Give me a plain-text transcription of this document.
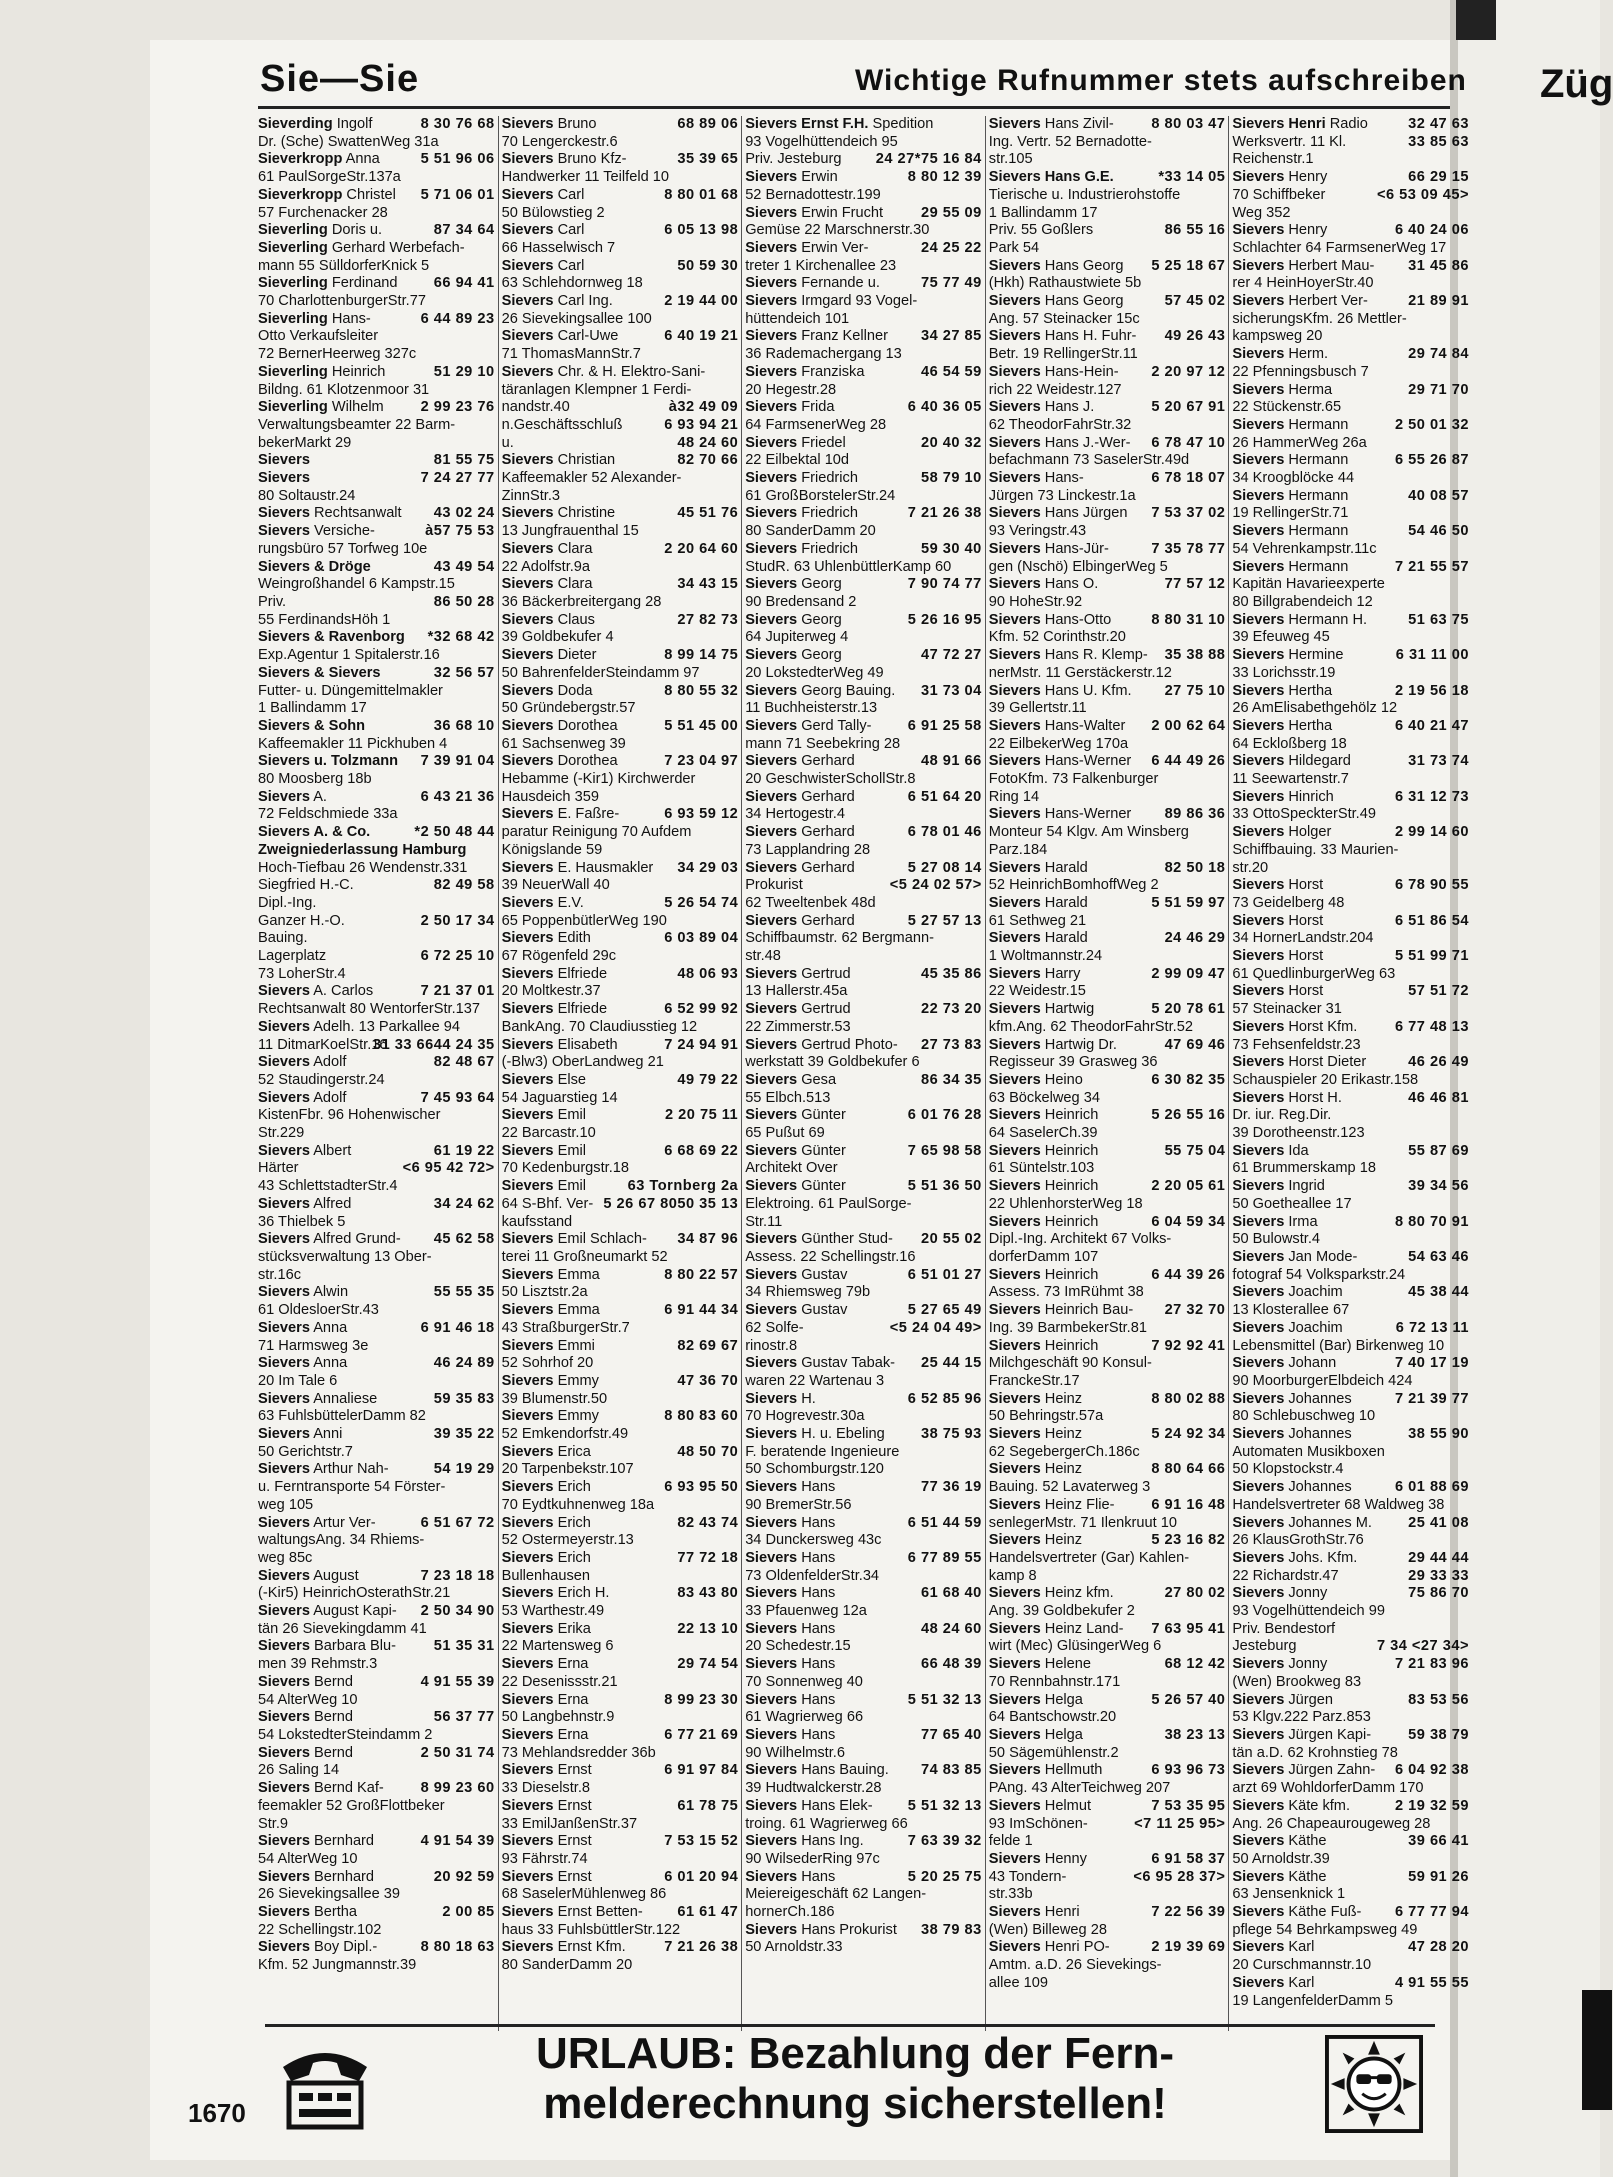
Züg
Sie—Sie	Wichtige Rufnummer stets aufschreiben
8 30 76 68
Sieverding Ingolf
Dr. (Sche) SwattenWeg 31a
5 51 96 06
Sieverkropp Anna
61 PaulSorgeStr.137a
5 71 06 01
Sieverkropp Christel
57 Furchenacker 28
87 34 64
Sieverling Doris u.
Sieverling Gerhard Werbefach-
mann 55 SülldorferKnick 5
66 94 41
Sieverling Ferdinand
70 CharlottenburgerStr.77
6 44 89 23
Sieverling Hans-
Otto Verkaufsleiter
72 BernerHeerweg 327c
51 29 10
Sieverling Heinrich
Bildng. 61 Klotzenmoor 31
2 99 23 76
Sieverling Wilhelm
Verwaltungsbeamter 22 Barm-
bekerMarkt 29
81 55 75
Sievers
7 24 27 77
Sievers
80 Soltaustr.24
43 02 24
Sievers Rechtsanwalt
à57 75 53
Sievers Versiche-
rungsbüro 57 Torfweg 10e
43 49 54
Sievers & Dröge
Weingroßhandel 6 Kampstr.15
86 50 28
Priv.
55 FerdinandsHöh 1
*32 68 42
Sievers & Ravenborg
Exp.Agentur 1 Spitalerstr.16
32 56 57
Sievers & Sievers
Futter- u. Düngemittelmakler
1 Ballindamm 17
36 68 10
Sievers & Sohn
Kaffeemakler 11 Pickhuben 4
7 39 91 04
Sievers u. Tolzmann
80 Moosberg 18b
6 43 21 36
Sievers A.
72 Feldschmiede 33a
*2 50 48 44
Sievers A. & Co.
Zweigniederlassung Hamburg
Hoch-Tiefbau 26 Wendenstr.331
82 49 58
Siegfried H.-C.
Dipl.-Ing.
2 50 17 34
Ganzer H.-O.
Bauing.
6 72 25 10
Lagerplatz
73 LoherStr.4
7 21 37 01
Sievers A. Carlos
Rechtsanwalt 80 WentorferStr.137
Sievers Adelh. 13 Parkallee 94
44 24 35
31 33 66
11 DitmarKoelStr.16
82 48 67
Sievers Adolf
52 Staudingerstr.24
7 45 93 64
Sievers Adolf
KistenFbr. 96 Hohenwischer
Str.229
61 19 22
Sievers Albert
<6 95 42 72>
Härter
43 SchlettstadterStr.4
34 24 62
Sievers Alfred
36 Thielbek 5
45 62 58
Sievers Alfred Grund-
stücksverwaltung 13 Ober-
str.16c
55 55 35
Sievers Alwin
61 OldesloerStr.43
6 91 46 18
Sievers Anna
71 Harmsweg 3e
46 24 89
Sievers Anna
20 Im Tale 6
59 35 83
Sievers Annaliese
63 FuhlsbüttelerDamm 82
39 35 22
Sievers Anni
50 Gerichtstr.7
54 19 29
Sievers Arthur Nah-
u. Ferntransporte 54 Förster-
weg 105
6 51 67 72
Sievers Artur Ver-
waltungsAng. 34 Rhiems-
weg 85c
7 23 18 18
Sievers August
(-Kir5) HeinrichOsterathStr.21
2 50 34 90
Sievers August Kapi-
tän 26 Sievekingdamm 41
51 35 31
Sievers Barbara Blu-
men 39 Rehmstr.3
4 91 55 39
Sievers Bernd
54 AlterWeg 10
56 37 77
Sievers Bernd
54 LokstedterSteindamm 2
2 50 31 74
Sievers Bernd
26 Saling 14
8 99 23 60
Sievers Bernd Kaf-
feemakler 52 GroßFlottbeker
Str.9
4 91 54 39
Sievers Bernhard
54 AlterWeg 10
20 92 59
Sievers Bernhard
26 Sievekingsallee 39
2 00 85
Sievers Bertha
22 Schellingstr.102
8 80 18 63
Sievers Boy Dipl.-
Kfm. 52 Jungmannstr.39
68 89 06
Sievers Bruno
70 Lengerckestr.6
35 39 65
Sievers Bruno Kfz-
Handwerker 11 Teilfeld 10
8 80 01 68
Sievers Carl
50 Bülowstieg 2
6 05 13 98
Sievers Carl
66 Hasselwisch 7
50 59 30
Sievers Carl
63 Schlehdornweg 18
2 19 44 00
Sievers Carl Ing.
26 Sievekingsallee 100
6 40 19 21
Sievers Carl-Uwe
71 ThomasMannStr.7
Sievers Chr. & H. Elektro-Sani-
täranlagen Klempner 1 Ferdi-
à32 49 09
nandstr.40
6 93 94 21
n.Geschäftsschluß
48 24 60
u.
82 70 66
Sievers Christian
Kaffeemakler 52 Alexander-
ZinnStr.3
45 51 76
Sievers Christine
13 Jungfrauenthal 15
2 20 64 60
Sievers Clara
22 Adolfstr.9a
34 43 15
Sievers Clara
36 Bäckerbreitergang 28
27 82 73
Sievers Claus
39 Goldbekufer 4
8 99 14 75
Sievers Dieter
50 BahrenfelderSteindamm 97
8 80 55 32
Sievers Doda
50 Gründebergstr.57
5 51 45 00
Sievers Dorothea
61 Sachsenweg 39
7 23 04 97
Sievers Dorothea
Hebamme (-Kir1) Kirchwerder
Hausdeich 359
6 93 59 12
Sievers E. Faßre-
paratur Reinigung 70 Aufdem
Königslande 59
34 29 03
Sievers E. Hausmakler
39 NeuerWall 40
5 26 54 74
Sievers E.V.
65 PoppenbütlerWeg 190
6 03 89 04
Sievers Edith
67 Rögenfeld 29c
48 06 93
Sievers Elfriede
20 Moltkestr.37
6 52 99 92
Sievers Elfriede
BankAng. 70 Claudiusstieg 12
7 24 94 91
Sievers Elisabeth
(-Blw3) OberLandweg 21
49 79 22
Sievers Else
54 Jaguarstieg 14
2 20 75 11
Sievers Emil
22 Barcastr.10
6 68 69 22
Sievers Emil
70 Kedenburgstr.18
63 Tornberg 2a
Sievers Emil
50 35 13
5 26 67 80
64 S-Bhf. Ver-
kaufsstand
34 87 96
Sievers Emil Schlach-
terei 11 Großneumarkt 52
8 80 22 57
Sievers Emma
50 Lisztstr.2a
6 91 44 34
Sievers Emma
43 StraßburgerStr.7
82 69 67
Sievers Emmi
52 Sohrhof 20
47 36 70
Sievers Emmy
39 Blumenstr.50
8 80 83 60
Sievers Emmy
52 Emkendorfstr.49
48 50 70
Sievers Erica
20 Tarpenbekstr.107
6 93 95 50
Sievers Erich
70 Eydtkuhnenweg 18a
82 43 74
Sievers Erich
52 Ostermeyerstr.13
77 72 18
Sievers Erich
Bullenhausen
83 43 80
Sievers Erich H.
53 Warthestr.49
22 13 10
Sievers Erika
22 Martensweg 6
29 74 54
Sievers Erna
22 Desenissstr.21
8 99 23 30
Sievers Erna
50 Langbehnstr.9
6 77 21 69
Sievers Erna
73 Mehlandsredder 36b
6 91 97 84
Sievers Ernst
33 Dieselstr.8
61 78 75
Sievers Ernst
33 EmilJanßenStr.37
7 53 15 52
Sievers Ernst
93 Fährstr.74
6 01 20 94
Sievers Ernst
68 SaselerMühlenweg 86
61 61 47
Sievers Ernst Betten-
haus 33 FuhlsbüttlerStr.122
7 21 26 38
Sievers Ernst Kfm.
80 SanderDamm 20
Sievers Ernst F.H. Spedition
93 Vogelhüttendeich 95
*75 16 84
24 27
Priv. Jesteburg
8 80 12 39
Sievers Erwin
52 Bernadottestr.199
29 55 09
Sievers Erwin Frucht
Gemüse 22 Marschnerstr.30
24 25 22
Sievers Erwin Ver-
treter 1 Kirchenallee 23
75 77 49
Sievers Fernande u.
Sievers Irmgard 93 Vogel-
hüttendeich 101
34 27 85
Sievers Franz Kellner
36 Rademachergang 13
46 54 59
Sievers Franziska
20 Hegestr.28
6 40 36 05
Sievers Frida
64 FarmsenerWeg 28
20 40 32
Sievers Friedel
22 Eilbektal 10d
58 79 10
Sievers Friedrich
61 GroßBorstelerStr.24
7 21 26 38
Sievers Friedrich
80 SanderDamm 20
59 30 40
Sievers Friedrich
StudR. 63 UhlenbüttlerKamp 60
7 90 74 77
Sievers Georg
90 Bredensand 2
5 26 16 95
Sievers Georg
64 Jupiterweg 4
47 72 27
Sievers Georg
20 LokstedterWeg 49
31 73 04
Sievers Georg Bauing.
11 Buchheisterstr.13
6 91 25 58
Sievers Gerd Tally-
mann 71 Seebekring 28
48 91 66
Sievers Gerhard
20 GeschwisterSchollStr.8
6 51 64 20
Sievers Gerhard
34 Hertogestr.4
6 78 01 46
Sievers Gerhard
73 Lapplandring 28
5 27 08 14
Sievers Gerhard
<5 24 02 57>
Prokurist
62 Tweeltenbek 48d
5 27 57 13
Sievers Gerhard
Schiffbaumstr. 62 Bergmann-
str.48
45 35 86
Sievers Gertrud
13 Hallerstr.45a
22 73 20
Sievers Gertrud
22 Zimmerstr.53
27 73 83
Sievers Gertrud Photo-
werkstatt 39 Goldbekufer 6
86 34 35
Sievers Gesa
55 Elbch.513
6 01 76 28
Sievers Günter
65 Pußut 69
7 65 98 58
Sievers Günter
Architekt Over
5 51 36 50
Sievers Günter
Elektroing. 61 PaulSorge-
Str.11
20 55 02
Sievers Günther Stud-
Assess. 22 Schellingstr.16
6 51 01 27
Sievers Gustav
34 Rhiemsweg 79b
5 27 65 49
Sievers Gustav
<5 24 04 49>
62 Solfe-
rinostr.8
25 44 15
Sievers Gustav Tabak-
waren 22 Wartenau 3
6 52 85 96
Sievers H.
70 Hogrevestr.30a
38 75 93
Sievers H. u. Ebeling
F. beratende Ingenieure
50 Schomburgstr.120
77 36 19
Sievers Hans
90 BremerStr.56
6 51 44 59
Sievers Hans
34 Dunckersweg 43c
6 77 89 55
Sievers Hans
73 OldenfelderStr.34
61 68 40
Sievers Hans
33 Pfauenweg 12a
48 24 60
Sievers Hans
20 Schedestr.15
66 48 39
Sievers Hans
70 Sonnenweg 40
5 51 32 13
Sievers Hans
61 Wagrierweg 66
77 65 40
Sievers Hans
90 Wilhelmstr.6
74 83 85
Sievers Hans Bauing.
39 Hudtwalckerstr.28
5 51 32 13
Sievers Hans Elek-
troing. 61 Wagrierweg 66
7 63 39 32
Sievers Hans Ing.
90 WilsederRing 97c
5 20 25 75
Sievers Hans
Meiereigeschäft 62 Langen-
hornerCh.186
38 79 83
Sievers Hans Prokurist
50 Arnoldstr.33
8 80 03 47
Sievers Hans Zivil-
Ing. Vertr. 52 Bernadotte-
str.105
*33 14 05
Sievers Hans G.E.
Tierische u. Industrierohstoffe
1 Ballindamm 17
86 55 16
Priv. 55 Goßlers
Park 54
5 25 18 67
Sievers Hans Georg
(Hkh) Rathaustwiete 5b
57 45 02
Sievers Hans Georg
Ang. 57 Steinacker 15c
49 26 43
Sievers Hans H. Fuhr-
Betr. 19 RellingerStr.11
2 20 97 12
Sievers Hans-Hein-
rich 22 Weidestr.127
5 20 67 91
Sievers Hans J.
62 TheodorFahrStr.32
6 78 47 10
Sievers Hans J.-Wer-
befachmann 73 SaselerStr.49d
6 78 18 07
Sievers Hans-
Jürgen 73 Linckestr.1a
7 53 37 02
Sievers Hans Jürgen
93 Veringstr.43
7 35 78 77
Sievers Hans-Jür-
gen (Nschö) ElbingerWeg 5
77 57 12
Sievers Hans O.
90 HoheStr.92
8 80 31 10
Sievers Hans-Otto
Kfm. 52 Corinthstr.20
35 38 88
Sievers Hans R. Klemp-
nerMstr. 11 Gerstäckerstr.12
27 75 10
Sievers Hans U. Kfm.
39 Gellertstr.11
2 00 62 64
Sievers Hans-Walter
22 EilbekerWeg 170a
6 44 49 26
Sievers Hans-Werner
FotoKfm. 73 Falkenburger
Ring 14
89 86 36
Sievers Hans-Werner
Monteur 54 Klgv. Am Winsberg
Parz.184
82 50 18
Sievers Harald
52 HeinrichBomhoffWeg 2
5 51 59 97
Sievers Harald
61 Sethweg 21
24 46 29
Sievers Harald
1 Woltmannstr.24
2 99 09 47
Sievers Harry
22 Weidestr.15
5 20 78 61
Sievers Hartwig
kfm.Ang. 62 TheodorFahrStr.52
47 69 46
Sievers Hartwig Dr.
Regisseur 39 Grasweg 36
6 30 82 35
Sievers Heino
63 Böckelweg 34
5 26 55 16
Sievers Heinrich
64 SaselerCh.39
55 75 04
Sievers Heinrich
61 Süntelstr.103
2 20 05 61
Sievers Heinrich
22 UhlenhorsterWeg 18
6 04 59 34
Sievers Heinrich
Dipl.-Ing. Architekt 67 Volks-
dorferDamm 107
6 44 39 26
Sievers Heinrich
Assess. 73 ImRühmt 38
27 32 70
Sievers Heinrich Bau-
Ing. 39 BarmbekerStr.81
7 92 92 41
Sievers Heinrich
Milchgeschäft 90 Konsul-
FranckeStr.17
8 80 02 88
Sievers Heinz
50 Behringstr.57a
5 24 92 34
Sievers Heinz
62 SegebergerCh.186c
8 80 64 66
Sievers Heinz
Bauing. 52 Lavaterweg 3
6 91 16 48
Sievers Heinz Flie-
senlegerMstr. 71 Ilenkruut 10
5 23 16 82
Sievers Heinz
Handelsvertreter (Gar) Kahlen-
kamp 8
27 80 02
Sievers Heinz kfm.
Ang. 39 Goldbekufer 2
7 63 95 41
Sievers Heinz Land-
wirt (Mec) GlüsingerWeg 6
68 12 42
Sievers Helene
70 Rennbahnstr.171
5 26 57 40
Sievers Helga
64 Bantschowstr.20
38 23 13
Sievers Helga
50 Sägemühlenstr.2
6 93 96 73
Sievers Hellmuth
PAng. 43 AlterTeichweg 207
7 53 35 95
Sievers Helmut
<7 11 25 95>
93 ImSchönen-
felde 1
6 91 58 37
Sievers Henny
<6 95 28 37>
43 Tondern-
str.33b
7 22 56 39
Sievers Henri
(Wen) Billeweg 28
2 19 39 69
Sievers Henri PO-
Amtm. a.D. 26 Sievekings-
allee 109
32 47 63
Sievers Henri Radio
33 85 63
Werksvertr. 11 Kl.
Reichenstr.1
66 29 15
Sievers Henry
<6 53 09 45>
70 Schiffbeker
Weg 352
6 40 24 06
Sievers Henry
Schlachter 64 FarmsenerWeg 17
31 45 86
Sievers Herbert Mau-
rer 4 HeinHoyerStr.40
21 89 91
Sievers Herbert Ver-
sicherungsKfm. 26 Mettler-
kampsweg 20
29 74 84
Sievers Herm.
22 Pfenningsbusch 7
29 71 70
Sievers Herma
22 Stückenstr.65
2 50 01 32
Sievers Hermann
26 HammerWeg 26a
6 55 26 87
Sievers Hermann
34 Kroogblöcke 44
40 08 57
Sievers Hermann
19 RellingerStr.71
54 46 50
Sievers Hermann
54 Vehrenkampstr.11c
7 21 55 57
Sievers Hermann
Kapitän Havarieexperte
80 Billgrabendeich 12
51 63 75
Sievers Hermann H.
39 Efeuweg 45
6 31 11 00
Sievers Hermine
33 Lorichsstr.19
2 19 56 18
Sievers Hertha
26 AmElisabethgehölz 12
6 40 21 47
Sievers Hertha
64 Eckloßberg 18
31 73 74
Sievers Hildegard
11 Seewartenstr.7
6 31 12 73
Sievers Hinrich
33 OttoSpeckterStr.49
2 99 14 60
Sievers Holger
Schiffbauing. 33 Maurien-
str.20
6 78 90 55
Sievers Horst
73 Geidelberg 48
6 51 86 54
Sievers Horst
34 HornerLandstr.204
5 51 99 71
Sievers Horst
61 QuedlinburgerWeg 63
57 51 72
Sievers Horst
57 Steinacker 31
6 77 48 13
Sievers Horst Kfm.
73 Fehsenfeldstr.23
46 26 49
Sievers Horst Dieter
Schauspieler 20 Erikastr.158
46 46 81
Sievers Horst H.
Dr. iur. Reg.Dir.
39 Dorotheenstr.123
55 87 69
Sievers Ida
61 Brummerskamp 18
39 34 56
Sievers Ingrid
50 Goetheallee 17
8 80 70 91
Sievers Irma
50 Bulowstr.4
54 63 46
Sievers Jan Mode-
fotograf 54 Volksparkstr.24
45 38 44
Sievers Joachim
13 Klosterallee 67
6 72 13 11
Sievers Joachim
Lebensmittel (Bar) Birkenweg 10
7 40 17 19
Sievers Johann
90 MoorburgerElbdeich 424
7 21 39 77
Sievers Johannes
80 Schlebuschweg 10
38 55 90
Sievers Johannes
Automaten Musikboxen
50 Klopstockstr.4
6 01 88 69
Sievers Johannes
Handelsvertreter 68 Waldweg 38
25 41 08
Sievers Johannes M.
26 KlausGrothStr.76
29 44 44
Sievers Johs. Kfm.
29 33 33
22 Richardstr.47
75 86 70
Sievers Jonny
93 Vogelhüttendeich 99
Priv. Bendestorf
7 34 <27 34>
Jesteburg
7 21 83 96
Sievers Jonny
(Wen) Brookweg 83
83 53 56
Sievers Jürgen
53 Klgv.222 Parz.853
59 38 79
Sievers Jürgen Kapi-
tän a.D. 62 Krohnstieg 78
6 04 92 38
Sievers Jürgen Zahn-
arzt 69 WohldorferDamm 170
2 19 32 59
Sievers Käte kfm.
Ang. 26 Chapeaurougeweg 28
39 66 41
Sievers Käthe
50 Arnoldstr.39
59 91 26
Sievers Käthe
63 Jensenknick 1
6 77 77 94
Sievers Käthe Fuß-
pflege 54 Behrkampsweg 49
47 28 20
Sievers Karl
20 Curschmannstr.10
4 91 55 55
Sievers Karl
19 LangenfelderDamm 5
URLAUB: Bezahlung der Fern-
melderechnung sicherstellen!
1670
